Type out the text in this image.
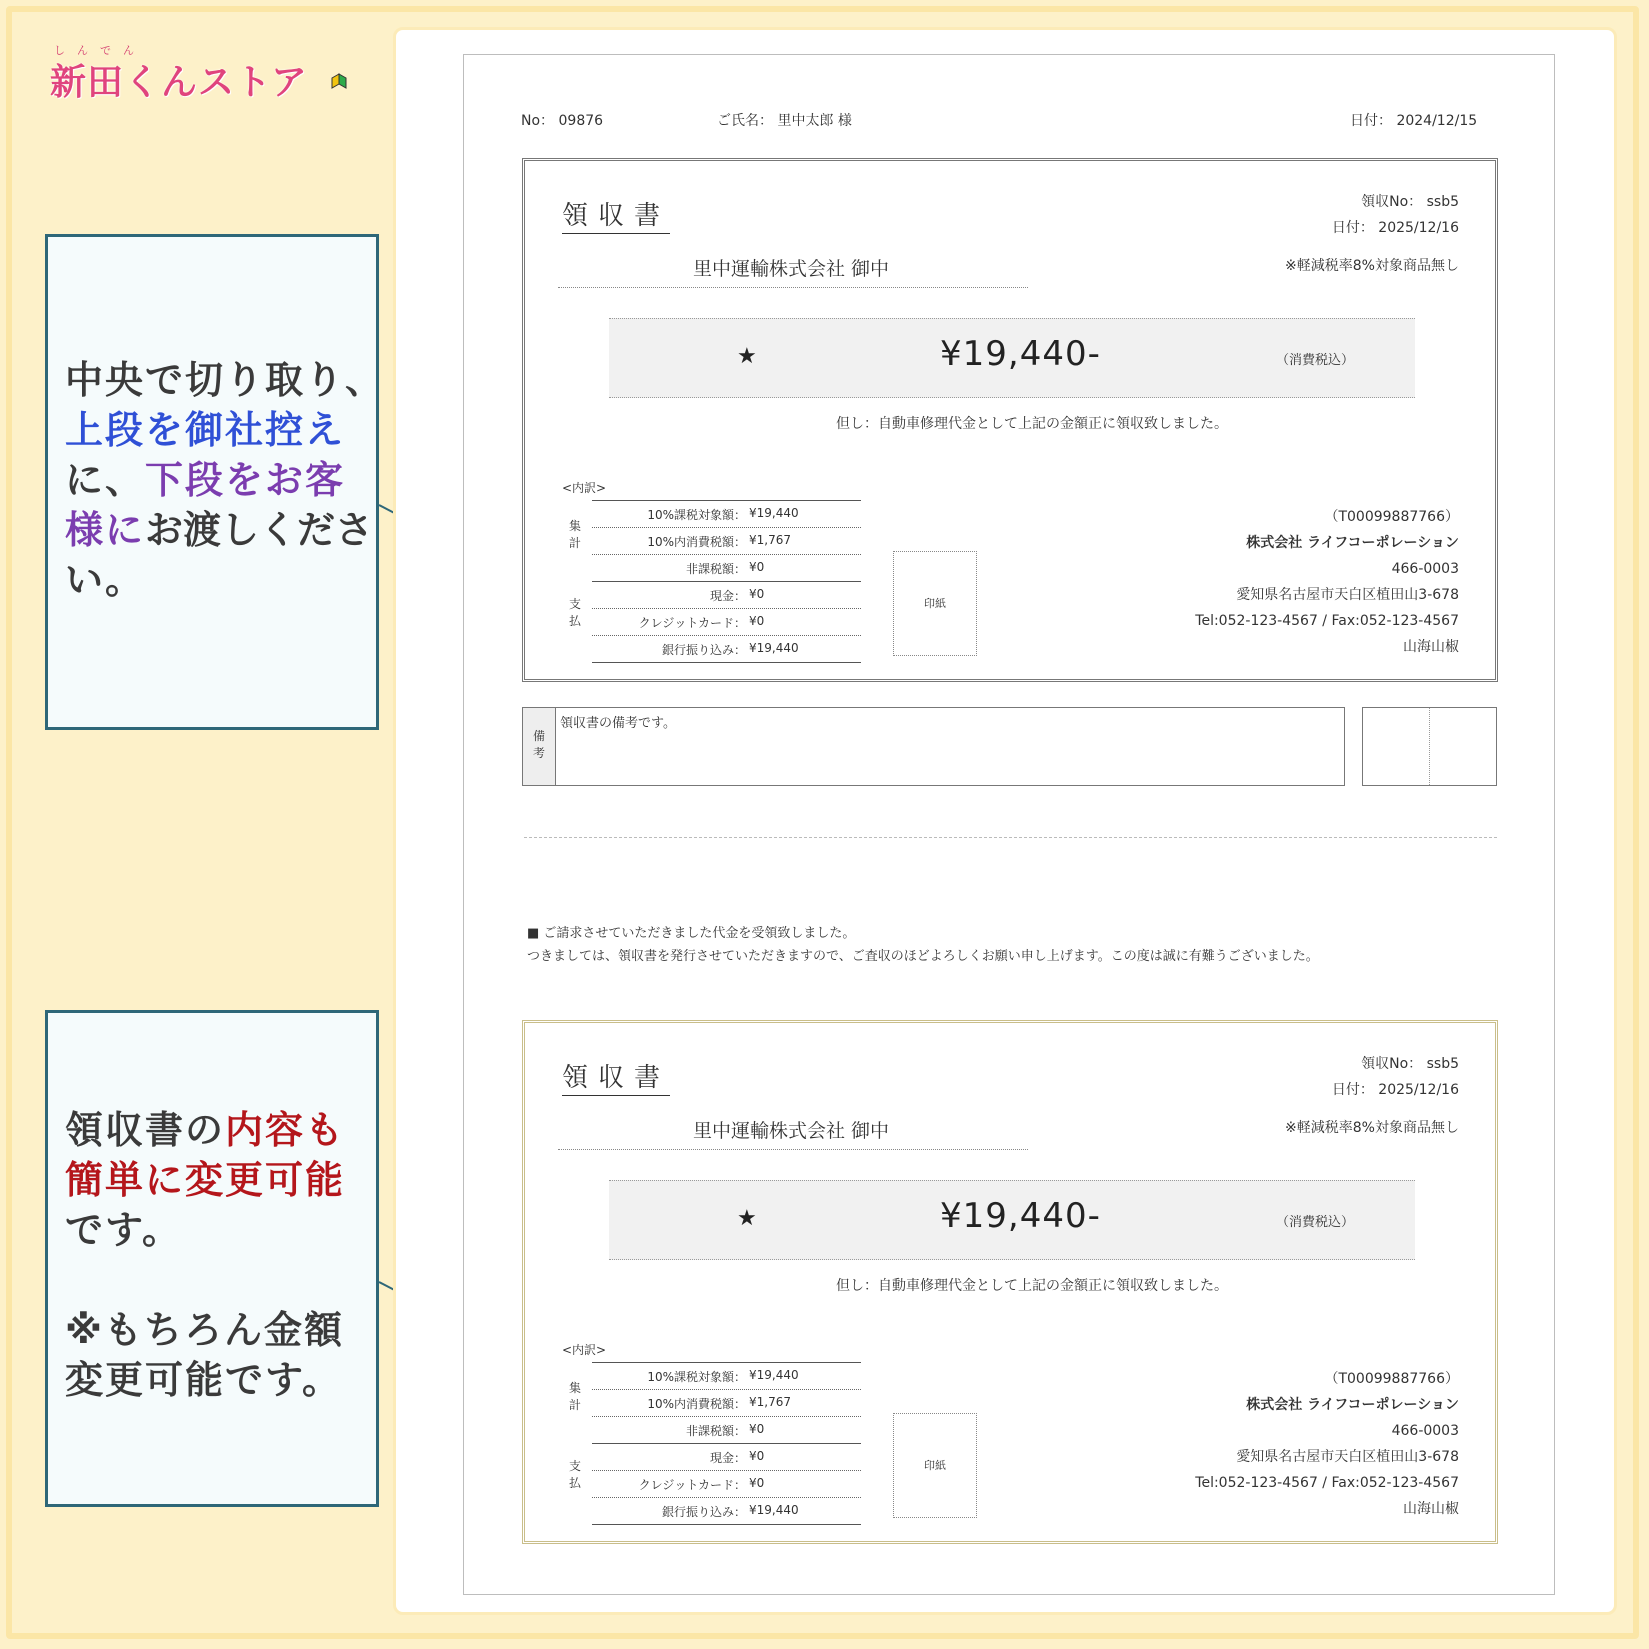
しんでん
新田くんストア
中央で切り取り、
上段を御社控え
に、下段をお客
様にお渡しくださ
い。
領収書の内容も
簡単に変更可能
です。
※もちろん金額
変更可能です。
No： 09876	ご氏名： 里中太郎 様	日付： 2024/12/15
領収書	領収No： ssb5
日付： 2025/12/16
里中運輸株式会社 御中	※軽減税率8%対象商品無し
★	¥19,440-	（消費税込）
但し：自動車修理代金として上記の金額正に領収致しました。
<内訳>
集計
支払
10%課税対象額： ¥19,440
10%内消費税額： ¥1,767
非課税額： ¥0
現金： ¥0
クレジットカード： ¥0
銀行振り込み： ¥19,440
印紙
（T00099887766）
株式会社 ライフコーポレーション
466-0003
愛知県名古屋市天白区植田山3-678
Tel:052-123-4567 / Fax:052-123-4567
山海山椒
領収書	領収No： ssb5
日付： 2025/12/16
里中運輸株式会社 御中	※軽減税率8%対象商品無し
★	¥19,440-	（消費税込）
但し：自動車修理代金として上記の金額正に領収致しました。
<内訳>
集計
支払
10%課税対象額： ¥19,440
10%内消費税額： ¥1,767
非課税額： ¥0
現金： ¥0
クレジットカード： ¥0
銀行振り込み： ¥19,440
印紙
（T00099887766）
株式会社 ライフコーポレーション
466-0003
愛知県名古屋市天白区植田山3-678
Tel:052-123-4567 / Fax:052-123-4567
山海山椒
備考
領収書の備考です。
■ ご請求させていただきました代金を受領致しました。
つきましては、領収書を発行させていただきますので、ご査収のほどよろしくお願い申し上げます。この度は誠に有難うございました。
